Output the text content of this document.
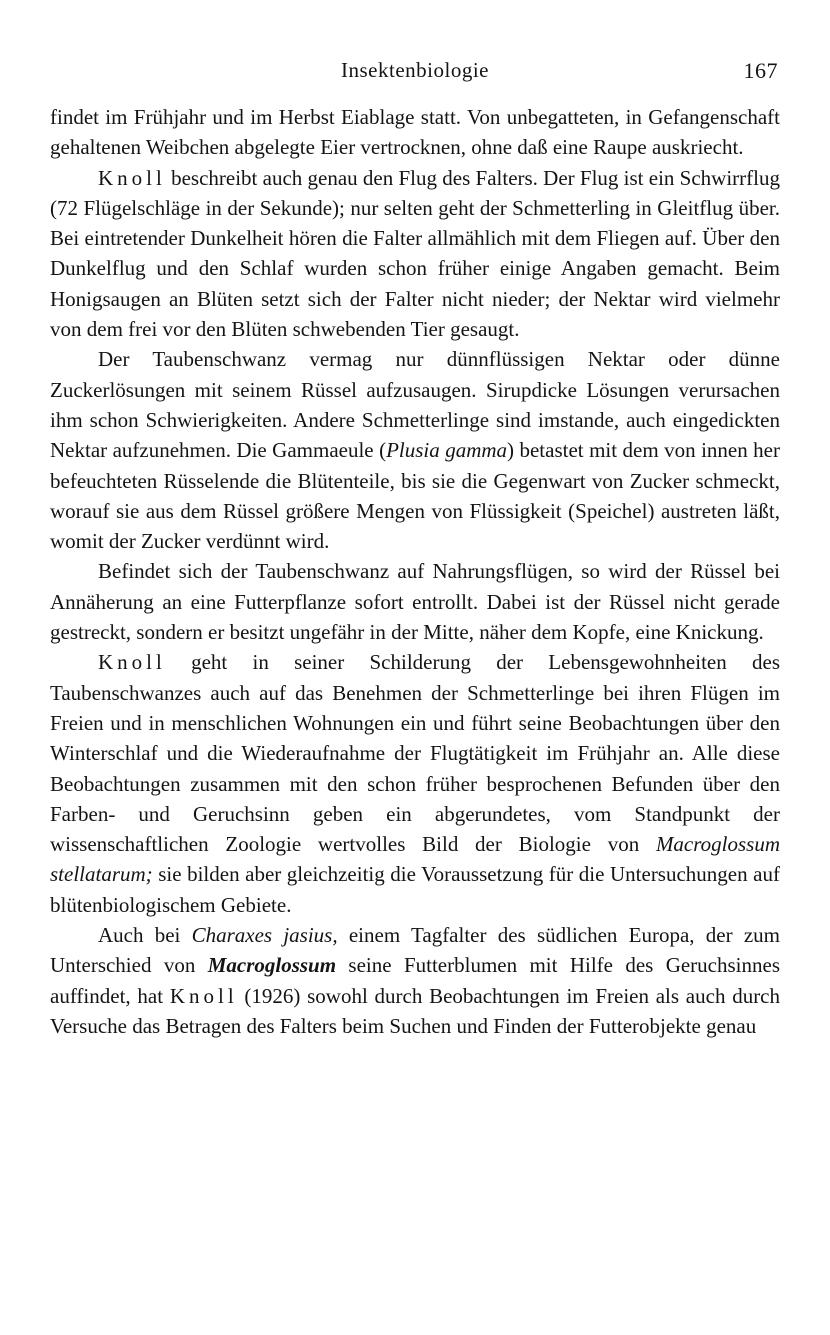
Insektenbiologie	167

findet im Frühjahr und im Herbst Eiablage statt. Von unbegatteten, in Gefangenschaft gehaltenen Weibchen abgelegte Eier vertrocknen, ohne daß eine Raupe auskriecht.

Knoll beschreibt auch genau den Flug des Falters. Der Flug ist ein Schwirrflug (72 Flügelschläge in der Sekunde); nur selten geht der Schmetterling in Gleitflug über. Bei eintretender Dunkelheit hören die Falter allmählich mit dem Fliegen auf. Über den Dunkelflug und den Schlaf wurden schon früher einige Angaben gemacht. Beim Honigsaugen an Blüten setzt sich der Falter nicht nieder; der Nektar wird vielmehr von dem frei vor den Blüten schwebenden Tier gesaugt.

Der Taubenschwanz vermag nur dünnflüssigen Nektar oder dünne Zuckerlösungen mit seinem Rüssel aufzusaugen. Sirupdicke Lösungen verursachen ihm schon Schwierigkeiten. Andere Schmetterlinge sind imstande, auch eingedickten Nektar aufzunehmen. Die Gammaeule (Plusia gamma) betastet mit dem von innen her befeuchteten Rüsselende die Blütenteile, bis sie die Gegenwart von Zucker schmeckt, worauf sie aus dem Rüssel größere Mengen von Flüssigkeit (Speichel) austreten läßt, womit der Zucker verdünnt wird.

Befindet sich der Taubenschwanz auf Nahrungsflügen, so wird der Rüssel bei Annäherung an eine Futterpflanze sofort entrollt. Dabei ist der Rüssel nicht gerade gestreckt, sondern er besitzt ungefähr in der Mitte, näher dem Kopfe, eine Knickung.

Knoll geht in seiner Schilderung der Lebensgewohnheiten des Taubenschwanzes auch auf das Benehmen der Schmetterlinge bei ihren Flügen im Freien und in menschlichen Wohnungen ein und führt seine Beobachtungen über den Winterschlaf und die Wiederaufnahme der Flugtätigkeit im Frühjahr an. Alle diese Beobachtungen zusammen mit den schon früher besprochenen Befunden über den Farben- und Geruchsinn geben ein abgerundetes, vom Standpunkt der wissenschaftlichen Zoologie wertvolles Bild der Biologie von Macroglossum stellatarum; sie bilden aber gleichzeitig die Voraussetzung für die Untersuchungen auf blütenbiologischem Gebiete.

Auch bei Charaxes jasius, einem Tagfalter des südlichen Europa, der zum Unterschied von Macroglossum seine Futterblumen mit Hilfe des Geruchsinnes auffindet, hat Knoll (1926) sowohl durch Beobachtungen im Freien als auch durch Versuche das Betragen des Falters beim Suchen und Finden der Futterobjekte genau
